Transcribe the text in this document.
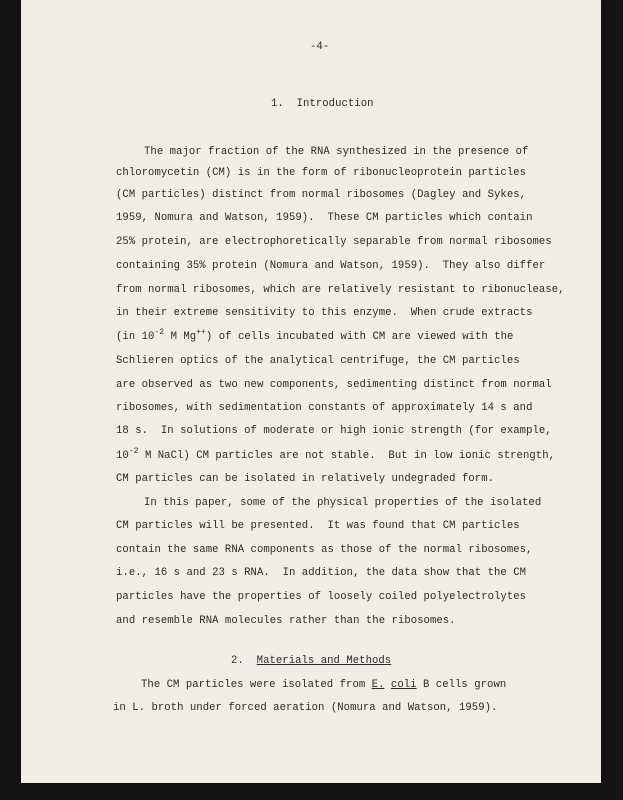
-4-
1.  Introduction
The major fraction of the RNA synthesized in the presence of
chloromycetin (CM) is in the form of ribonucleoprotein particles
(CM particles) distinct from normal ribosomes (Dagley and Sykes,
1959, Nomura and Watson, 1959).  These CM particles which contain
25% protein, are electrophoretically separable from normal ribosomes
containing 35% protein (Nomura and Watson, 1959).  They also differ
from normal ribosomes, which are relatively resistant to ribonuclease,
in their extreme sensitivity to this enzyme.  When crude extracts
(in $10^{-2}$ M Mg++) of cells incubated with CM are viewed with the
Schlieren optics of the analytical centrifuge, the CM particles
are observed as two new components, sedimenting distinct from normal
ribosomes, with sedimentation constants of approximately 14 s and
18 s.  In solutions of moderate or high ionic strength (for example,
$10^{-2}$ M NaCl) CM particles are not stable.  But in low ionic strength,
CM particles can be isolated in relatively undegraded form.
In this paper, some of the physical properties of the isolated
CM particles will be presented.  It was found that CM particles
contain the same RNA components as those of the normal ribosomes,
i.e., 16 s and 23 s RNA.  In addition, the data show that the CM
particles have the properties of loosely coiled polyelectrolytes
and resemble RNA molecules rather than the ribosomes.
2. Materials and Methods
The CM particles were isolated from E. coli B cells grown
in L. broth under forced aeration (Nomura and Watson, 1959).
